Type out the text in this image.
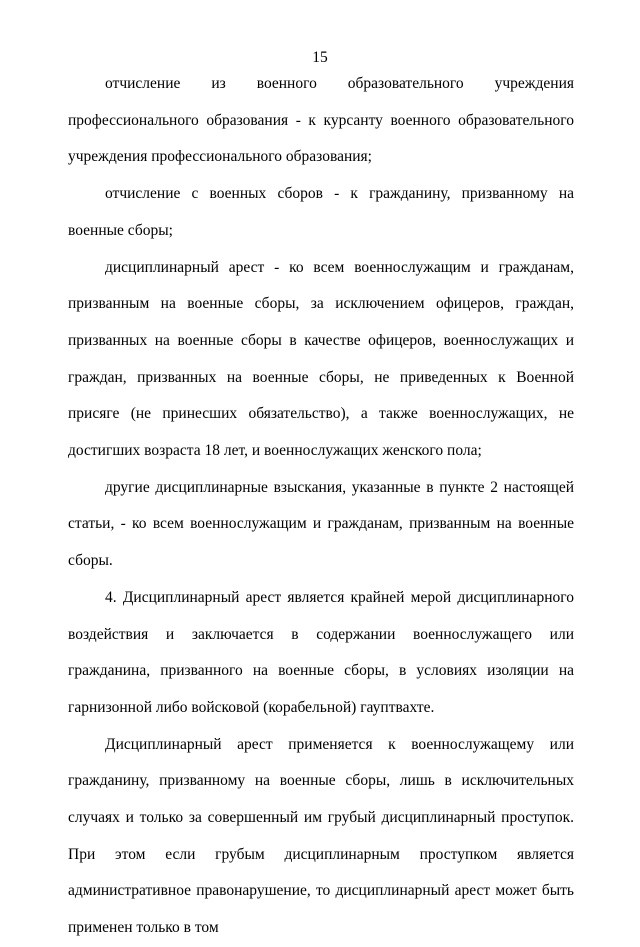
15

отчисление из военного образовательного учреждения профессионального образования - к курсанту военного образовательного учреждения профессионального образования;

отчисление с военных сборов - к гражданину, призванному на военные сборы;

дисциплинарный арест - ко всем военнослужащим и гражданам, призванным на военные сборы, за исключением офицеров, граждан, призванных на военные сборы в качестве офицеров, военнослужащих и граждан, призванных на военные сборы, не приведенных к Военной присяге (не принесших обязательство), а также военнослужащих, не достигших возраста 18 лет, и военнослужащих женского пола;

другие дисциплинарные взыскания, указанные в пункте 2 настоящей статьи, - ко всем военнослужащим и гражданам, призванным на военные сборы.

4. Дисциплинарный арест является крайней мерой дисциплинарного воздействия и заключается в содержании военнослужащего или гражданина, призванного на военные сборы, в условиях изоляции на гарнизонной либо войсковой (корабельной) гауптвахте.

Дисциплинарный арест применяется к военнослужащему или гражданину, призванному на военные сборы, лишь в исключительных случаях и только за совершенный им грубый дисциплинарный проступок. При этом если грубым дисциплинарным проступком является административное правонарушение, то дисциплинарный арест может быть применен только в том
